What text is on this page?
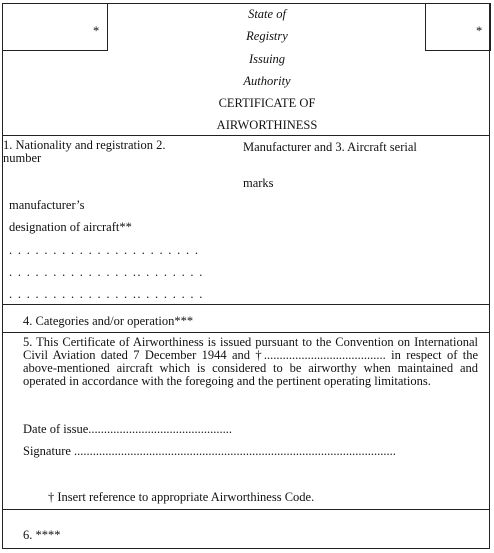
*	*
State of
Registry
Issuing
Authority
CERTIFICATE OF
AIRWORTHINESS
1. Nationality and registration 2.
number
Manufacturer and 3. Aircraft serial
marks
manufacturer’s
designation of aircraft**
. . . . . . . . . . . . . . . . . . . . . .
. . . . . . . . . . . . . . .. . . . . . . .
. . . . . . . . . . . . . . .. . . . . . . .
4. Categories and/or operation***
5. This Certificate of Airworthiness is issued pursuant to the Convention on International Civil Aviation dated 7 December 1944 and †....................................... in respect of the above-mentioned aircraft which is considered to be airworthy when maintained and operated in accordance with the foregoing and the pertinent operating limitations.
Date of issue..............................................
Signature .......................................................................................................
† Insert reference to appropriate Airworthiness Code.
6. ****
